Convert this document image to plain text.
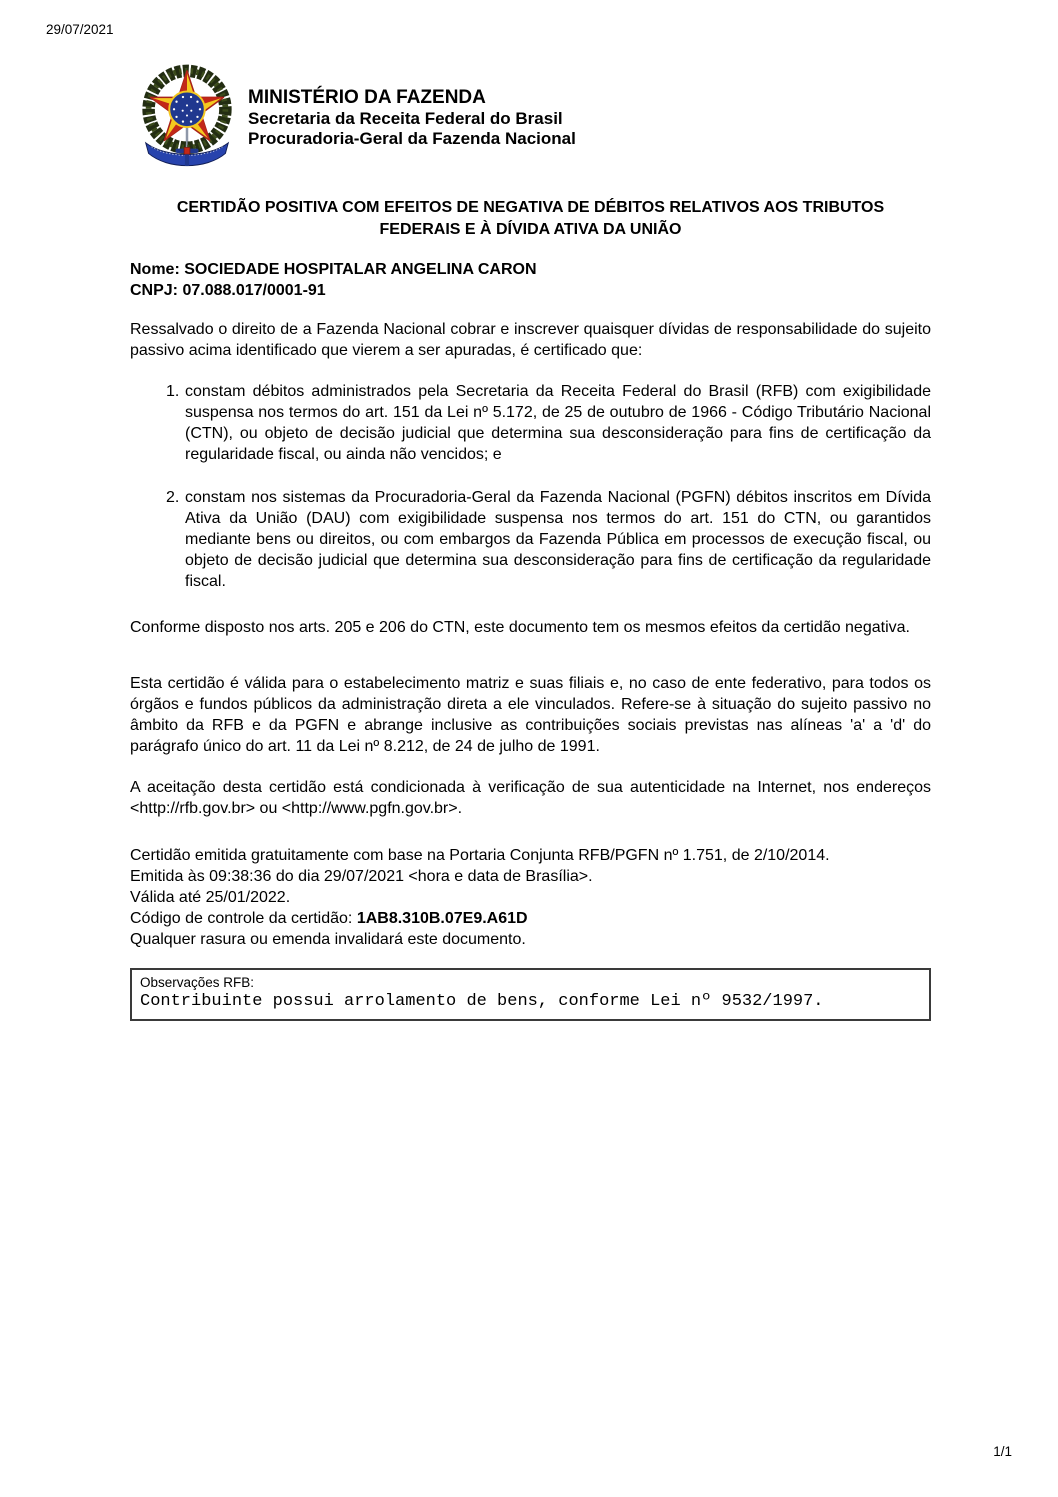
29/07/2021
MINISTÉRIO DA FAZENDA
Secretaria da Receita Federal do Brasil
Procuradoria-Geral da Fazenda Nacional
CERTIDÃO POSITIVA COM EFEITOS DE NEGATIVA DE DÉBITOS RELATIVOS AOS TRIBUTOS
FEDERAIS E À DÍVIDA ATIVA DA UNIÃO
Nome: SOCIEDADE HOSPITALAR ANGELINA CARON
CNPJ: 07.088.017/0001-91

Ressalvado o direito de a Fazenda Nacional cobrar e inscrever quaisquer dívidas de responsabilidade do sujeito passivo acima identificado que vierem a ser apuradas, é certificado que:

1. constam débitos administrados pela Secretaria da Receita Federal do Brasil (RFB) com exigibilidade suspensa nos termos do art. 151 da Lei nº 5.172, de 25 de outubro de 1966 - Código Tributário Nacional (CTN), ou objeto de decisão judicial que determina sua desconsideração para fins de certificação da regularidade fiscal, ou ainda não vencidos; e
2. constam nos sistemas da Procuradoria-Geral da Fazenda Nacional (PGFN) débitos inscritos em Dívida Ativa da União (DAU) com exigibilidade suspensa nos termos do art. 151 do CTN, ou garantidos mediante bens ou direitos, ou com embargos da Fazenda Pública em processos de execução fiscal, ou objeto de decisão judicial que determina sua desconsideração para fins de certificação da regularidade fiscal.

Conforme disposto nos arts. 205 e 206 do CTN, este documento tem os mesmos efeitos da certidão negativa.

Esta certidão é válida para o estabelecimento matriz e suas filiais e, no caso de ente federativo, para todos os órgãos e fundos públicos da administração direta a ele vinculados. Refere-se à situação do sujeito passivo no âmbito da RFB e da PGFN e abrange inclusive as contribuições sociais previstas nas alíneas 'a' a 'd' do parágrafo único do art. 11 da Lei nº 8.212, de 24 de julho de 1991.

A aceitação desta certidão está condicionada à verificação de sua autenticidade na Internet, nos endereços <http://rfb.gov.br> ou <http://www.pgfn.gov.br>.

Certidão emitida gratuitamente com base na Portaria Conjunta RFB/PGFN nº 1.751, de 2/10/2014.
Emitida às 09:38:36 do dia 29/07/2021 <hora e data de Brasília>.
Válida até 25/01/2022.
Código de controle da certidão: 1AB8.310B.07E9.A61D
Qualquer rasura ou emenda invalidará este documento.
Observações RFB:
Contribuinte possui arrolamento de bens, conforme Lei nº 9532/1997.
1/1
